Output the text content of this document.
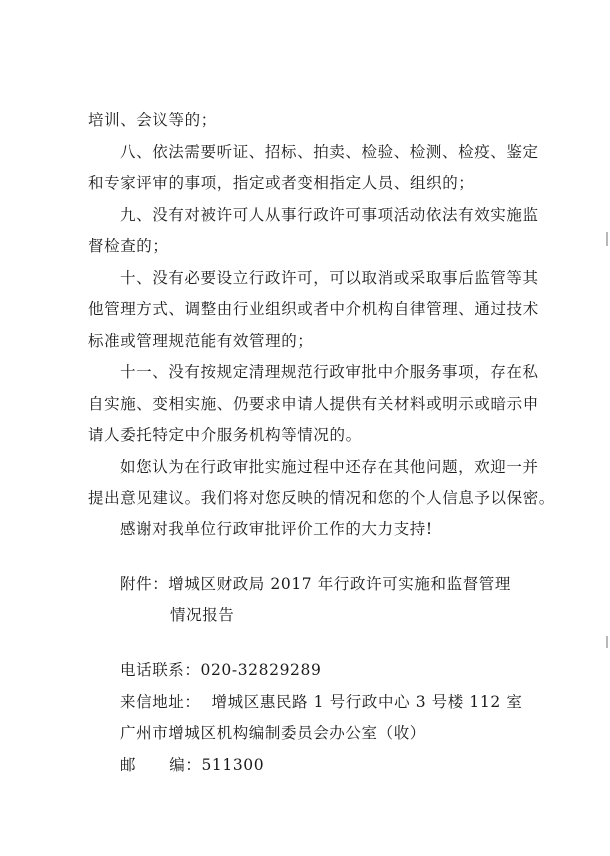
培训、会议等的；
八、依法需要听证、招标、拍卖、检验、检测、检疫、鉴定
和专家评审的事项，指定或者变相指定人员、组织的；
九、没有对被许可人从事行政许可事项活动依法有效实施监
督检查的；
十、没有必要设立行政许可，可以取消或采取事后监管等其
他管理方式、调整由行业组织或者中介机构自律管理、通过技术
标准或管理规范能有效管理的；
十一、没有按规定清理规范行政审批中介服务事项，存在私
自实施、变相实施、仍要求申请人提供有关材料或明示或暗示申
请人委托特定中介服务机构等情况的。
如您认为在行政审批实施过程中还存在其他问题，欢迎一并
提出意见建议。我们将对您反映的情况和您的个人信息予以保密。
感谢对我单位行政审批评价工作的大力支持!
附件：增城区财政局 2017 年行政许可实施和监督管理
情况报告
电话联系：020-32829289
来信地址：  增城区惠民路 1 号行政中心 3 号楼 112 室
广州市增城区机构编制委员会办公室（收）
邮      编：511300
